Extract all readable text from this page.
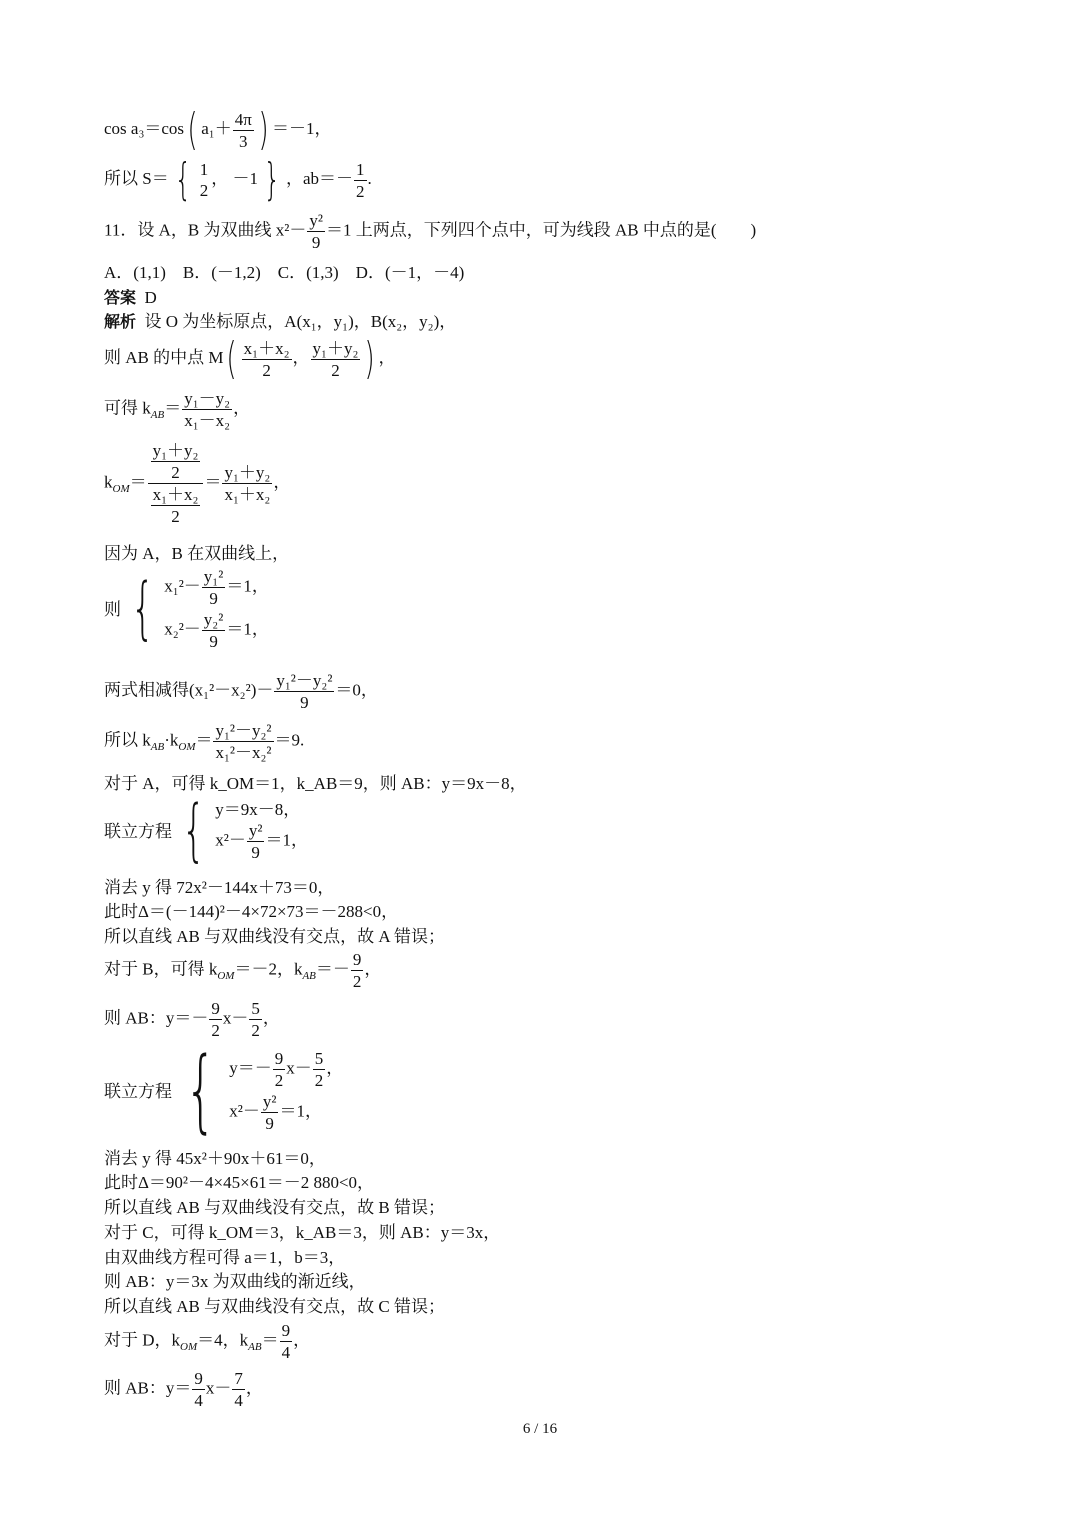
cos a₃＝cos( $a_1+ \frac{4\pi}{3}$ ) ＝－1，
所以 S＝ { 1
2
， －1 } ，$ab=- \frac{1}{2}$ .
11．设 A，B 为双曲线 $x^2- \frac{\text{y²}}{9} =1$ 上两点，下列四个点中，可为线段 AB 中点的是(　　)
A．(1,1)　B．(－1,2)　C．(1,3)　D．(－1，－4)
答案 D
解析 设 O 为坐标原点，A(x₁，y₁)，B(x₂，y₂)，
则 AB 的中点 $M( \frac{\text{x₁＋x₂}}{2}$ ， $\frac{\text{y₁＋y₂}}{2}$ ) ，
可得 $k_{AB}= \frac{\text{y₁－y₂}}{\text{x₁－x₂}}$ ，
$k_{OM}= \frac{\frac{\text{y₁＋y₂}}{2}}{\frac{\text{x₁＋x₂}}{2}} = \frac{\text{y₁＋y₂}}{\text{x₁＋x₂}}$ ，
因为 A，B 在双曲线上，
则 { $x_1^2- \frac{\text{y₁²}}{9} =1$，
$x_2^2- \frac{\text{y₂²}}{9} =1$，
两式相减得$(x_1^2-x_2^2)- \frac{\text{y₁²－y₂²}}{9} =0$，
所以 $k_{AB}\cdot k_{OM}= \frac{\text{y₁²－y₂²}}{\text{x₁²－x₂²}} =9$.
对于 A，可得 k_OM＝1，k_AB＝9，则 AB：y＝9x－8，
联立方程 { y＝9x－8，
$x^2- \frac{\text{y²}}{9} =1$，
消去 y 得 72x²－144x＋73＝0，
此时Δ＝(－144)²－4×72×73＝－288<0，
所以直线 AB 与双曲线没有交点，故 A 错误；
对于 B，可得 $k_{OM}=-2$，$k_{AB}=- \frac{9}{2}$ ，
则 AB：$y=- \frac{9}{2} x- \frac{5}{2}$ ，
联立方程 { $y=- \frac{9}{2} x- \frac{5}{2}$ ，
$x^2- \frac{\text{y²}}{9} =1$，
消去 y 得 45x²＋90x＋61＝0，
此时Δ＝90²－4×45×61＝－2 880<0，
所以直线 AB 与双曲线没有交点，故 B 错误；
对于 C，可得 k_OM＝3，k_AB＝3，则 AB：y＝3x，
由双曲线方程可得 a＝1，b＝3，
则 AB：y＝3x 为双曲线的渐近线，
所以直线 AB 与双曲线没有交点，故 C 错误；
对于 D，$k_{OM}=4$，$k_{AB}= \frac{9}{4}$ ，
则 AB：$y= \frac{9}{4} x- \frac{7}{4}$ ，
6 / 16
